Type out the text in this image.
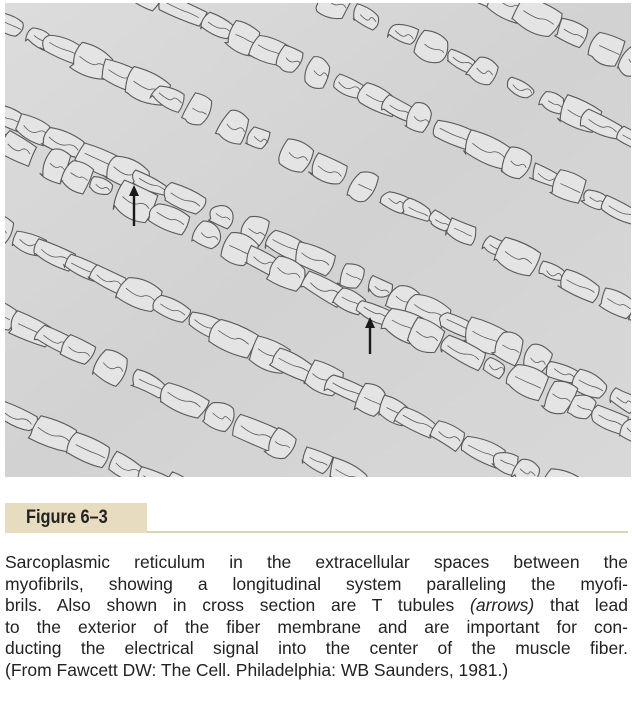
Figure 6–3
Sarcoplasmic reticulum in the extracellular spaces between the
myofibrils, showing a longitudinal system paralleling the myofi-
brils. Also shown in cross section are T tubules (arrows) that lead
to the exterior of the fiber membrane and are important for con-
ducting the electrical signal into the center of the muscle fiber.
(From Fawcett DW: The Cell. Philadelphia: WB Saunders, 1981.)
